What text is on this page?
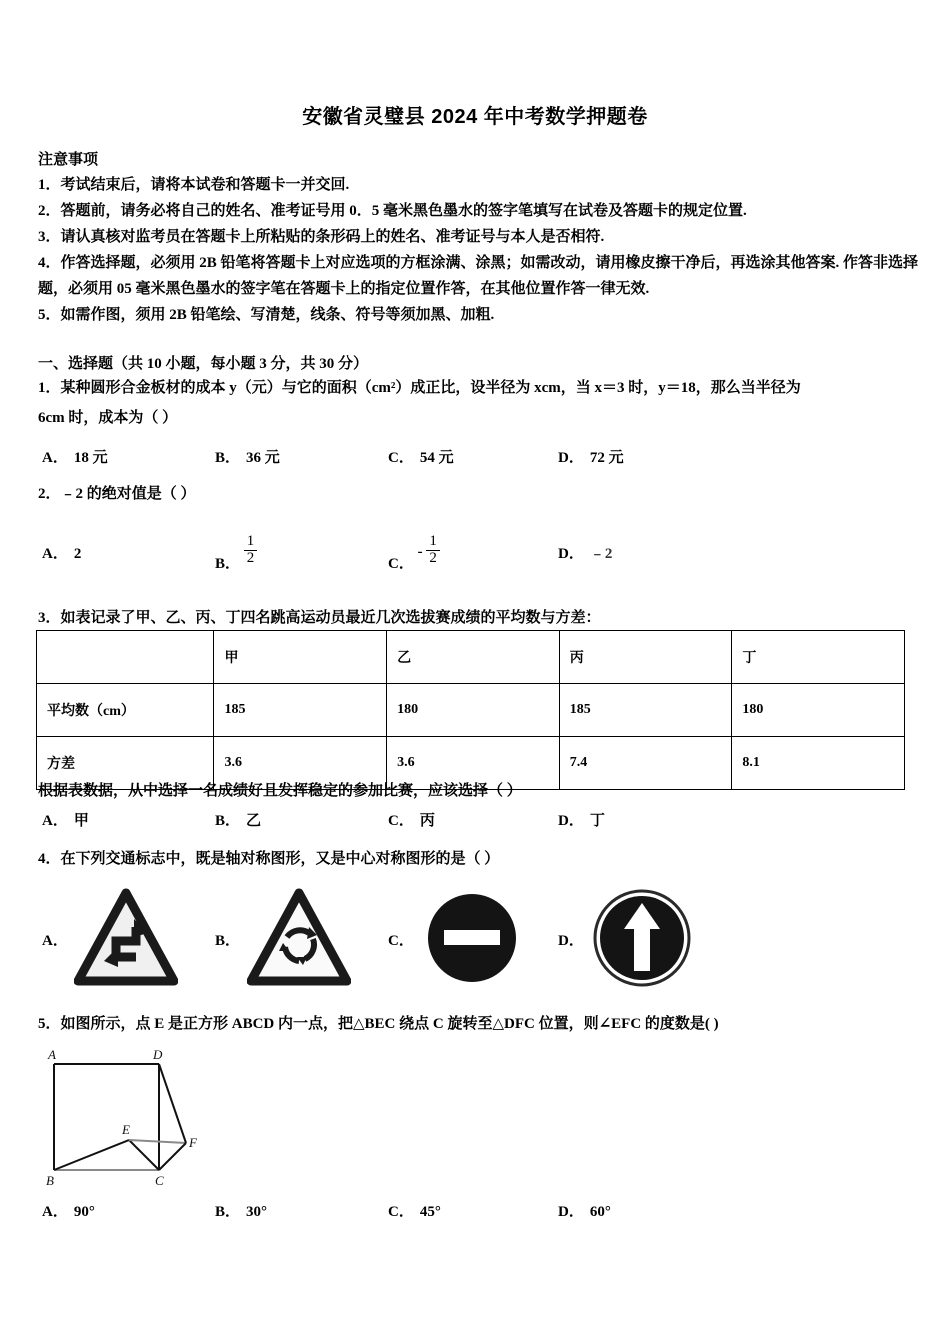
安徽省灵璧县 2024 年中考数学押题卷
注意事项

1．考试结束后，请将本试卷和答题卡一并交回.

2．答题前，请务必将自己的姓名、准考证号用 0．5 毫米黑色墨水的签字笔填写在试卷及答题卡的规定位置.

3．请认真核对监考员在答题卡上所粘贴的条形码上的姓名、准考证号与本人是否相符.

4．作答选择题，必须用 2B 铅笔将答题卡上对应选项的方框涂满、涂黑；如需改动，请用橡皮擦干净后，再选涂其他答案. 作答非选择题，必须用 05 毫米黑色墨水的签字笔在答题卡上的指定位置作答，在其他位置作答一律无效.

5．如需作图，须用 2B 铅笔绘、写清楚，线条、符号等须加黑、加粗.

一、选择题（共 10 小题，每小题 3 分，共 30 分）
1．某种圆形合金板材的成本 y（元）与它的面积（cm²）成正比，设半径为 xcm，当 x＝3 时，y＝18，那么当半径为
6cm 时，成本为（ ）
A． 18 元	B． 36 元	C． 54 元	D． 72 元
2．﹣2 的绝对值是（ ）
A． 2
B． $\frac{1}{2}$	C． - $\frac{1}{2}$	D． ﹣2
3．如表记录了甲、乙、丙、丁四名跳高运动员最近几次选拔赛成绩的平均数与方差：
	甲	乙	丙	丁
平均数（cm）	185	180	185	180
方差	3.6	3.6	7.4	8.1
根据表数据，从中选择一名成绩好且发挥稳定的参加比赛，应该选择（ ）
A． 甲	B． 乙	C． 丙	D． 丁
4．在下列交通标志中，既是轴对称图形，又是中心对称图形的是（ ）
A．	B．	C．	D．
5．如图所示，点 E 是正方形 ABCD 内一点，把△BEC 绕点 C 旋转至△DFC 位置，则∠EFC 的度数是( )
A	D
B	C
E
F
A． 90°	B． 30°	C． 45°	D． 60°
